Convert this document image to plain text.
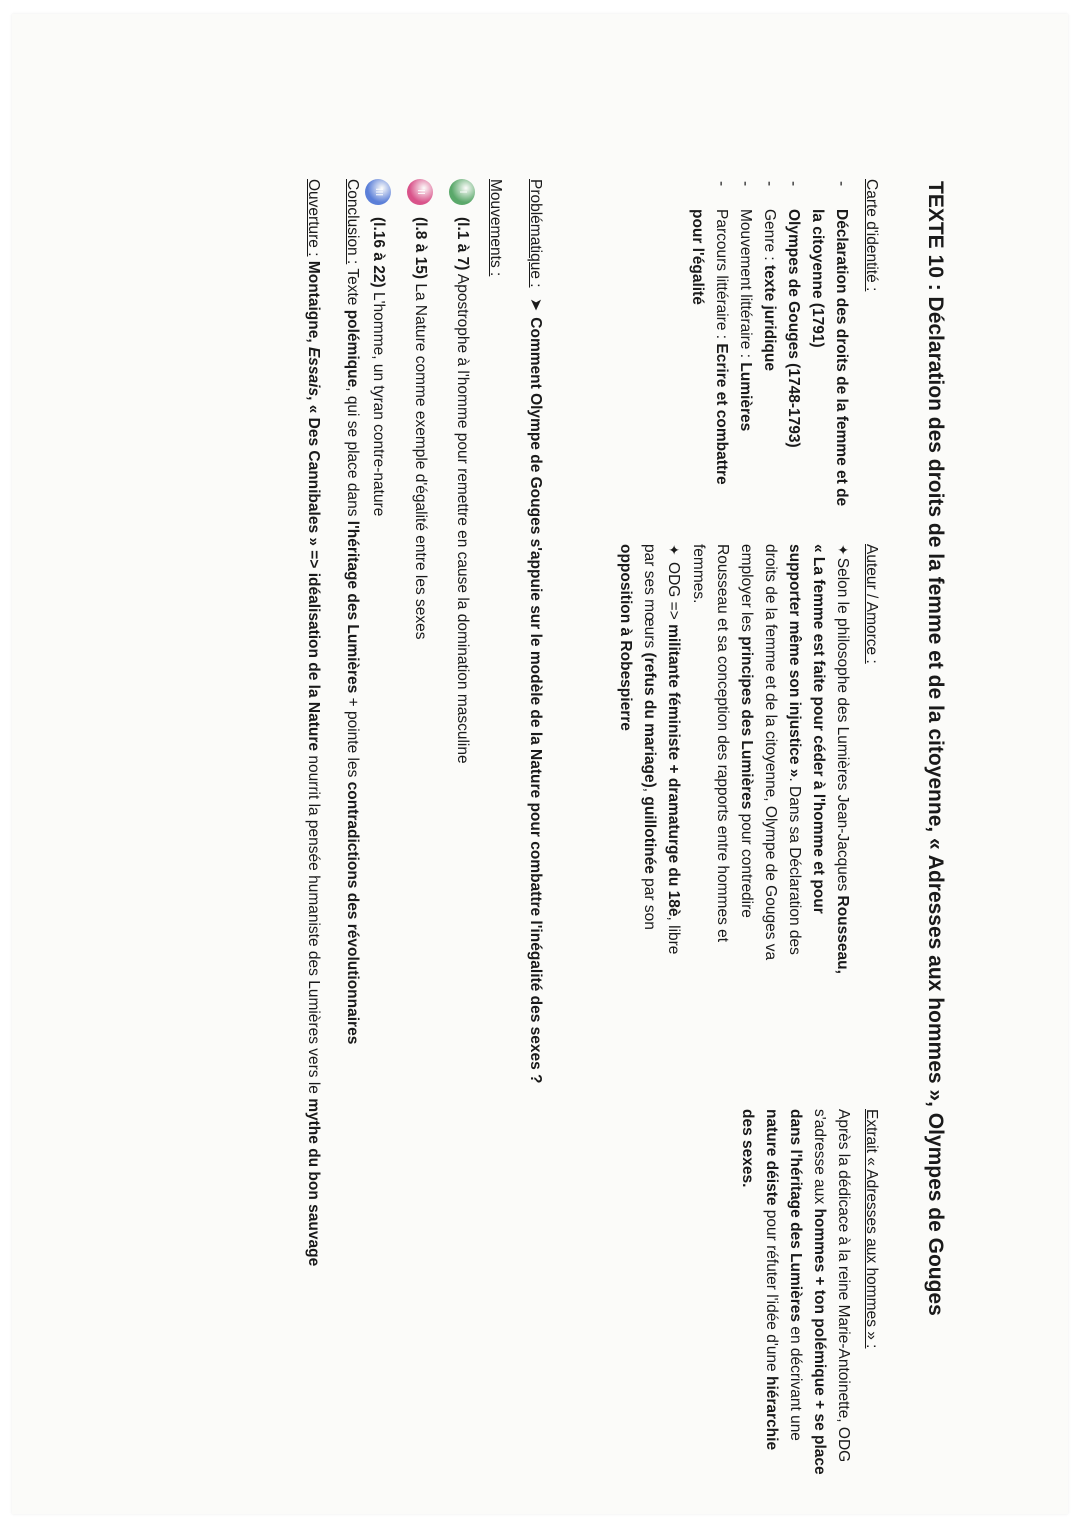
TEXTE 10 : Déclaration des droits de la femme et de la citoyenne, « Adresses aux hommes », Olympes de Gouges
Carte d'identité :
- Déclaration des droits de la femme et de la citoyenne (1791)
- Olympes de Gouges (1748-1793)
- Genre : texte juridique
- Mouvement littéraire : Lumières
- Parcours littéraire : Ecrire et combattre pour l'égalité
Auteur / Amorce :
✦Selon le philosophe des Lumières Jean-Jacques Rousseau, « La femme est faite pour céder à l'homme et pour supporter même son injustice ». Dans sa Déclaration des droits de la femme et de la citoyenne, Olympe de Gouges va employer les principes des Lumières pour contredire Rousseau et sa conception des rapports entre hommes et femmes.
✦ ODG => militante féministe + dramaturge du 18è, libre par ses mœurs (refus du mariage), guillotinée par son opposition à Robespierre
Extrait « Adresses aux hommes » :
Après la dédicace à la reine Marie-Antoinette, ODG s'adresse aux hommes + ton polémique + se place dans l'héritage des Lumières en décrivant une nature déiste pour réfuter l'idée d'une hiérarchie des sexes.
Problématique : ➤Comment Olympe de Gouges s'appuie sur le modèle de la Nature pour combattre l'inégalité des sexes ?
Mouvements :
I
(l.1 à 7) Apostrophe à l'homme pour remettre en cause la domination masculine
II
(l.8 à 15) La Nature comme exemple d'égalité entre les sexes
III
(l.16 à 22) L'homme, un tyran contre-nature
Conclusion : Texte polémique, qui se place dans l'héritage des Lumières + pointe les contradictions des révolutionnaires
Ouverture : Montaigne, Essais, « Des Cannibales » => idéalisation de la Nature nourrit la pensée humaniste des Lumières vers le mythe du bon sauvage
